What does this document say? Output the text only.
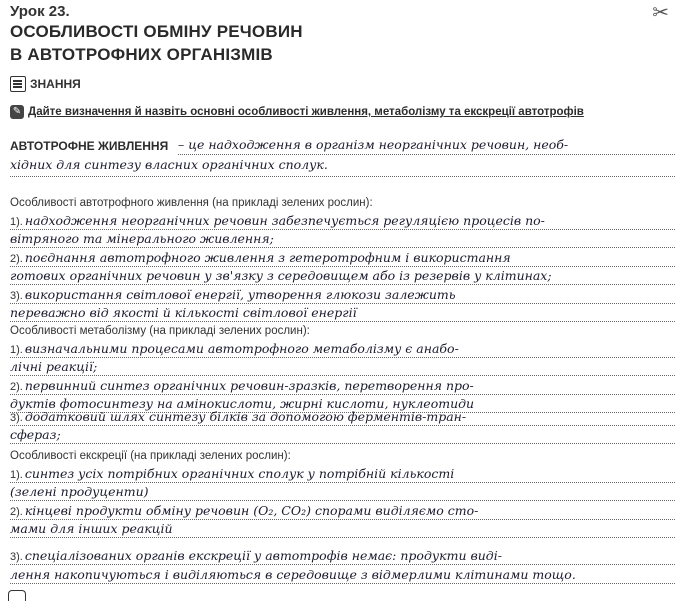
Урок 23.	✂
ОСОБЛИВОСТІ ОБМІНУ РЕЧОВИН
В АВТОТРОФНИХ ОРГАНІЗМІВ
ЗНАННЯ
✎ Дайте визначення й назвіть основні особливості живлення, метаболізму та екскреції автотрофів
АВТОТРОФНЕ ЖИВЛЕННЯ – це надходження в організм неорганічних речовин, необ-
хідних для синтезу власних органічних сполук.
Особливості автотрофного живлення (на прикладі зелених рослин):
1). надходження неорганічних речовин забезпечується регуляцією процесів по-
вітряного та мінерального живлення;
2). поєднання автотрофного живлення з гетеротрофним і використання
готових органічних речовин у зв'язку з середовищем або із резервів у клітинах;
3). використання світлової енергії, утворення глюкози залежить
переважно від якості й кількості світлової енергії
Особливості метаболізму (на прикладі зелених рослин):
1). визначальними процесами автотрофного метаболізму є анабо-
лічні реакції;
2). первинний синтез органічних речовин-зразків, перетворення про-
дуктів фотосинтезу на амінокислоти, жирні кислоти, нуклеотиди
3). додатковий шлях синтезу білків за допомогою ферментів-тран-
сфераз;
Особливості екскреції (на прикладі зелених рослин):
1). синтез усіх потрібних органічних сполук у потрібній кількості
(зелені продуценти)
2). кінцеві продукти обміну речовин (O₂, CO₂) спорами виділяємо сто-
мами для інших реакцій
3). спеціалізованих органів екскреції у автотрофів немає: продукти виді-
лення накопичуються і виділяються в середовище з відмерлими клітинами тощо.
